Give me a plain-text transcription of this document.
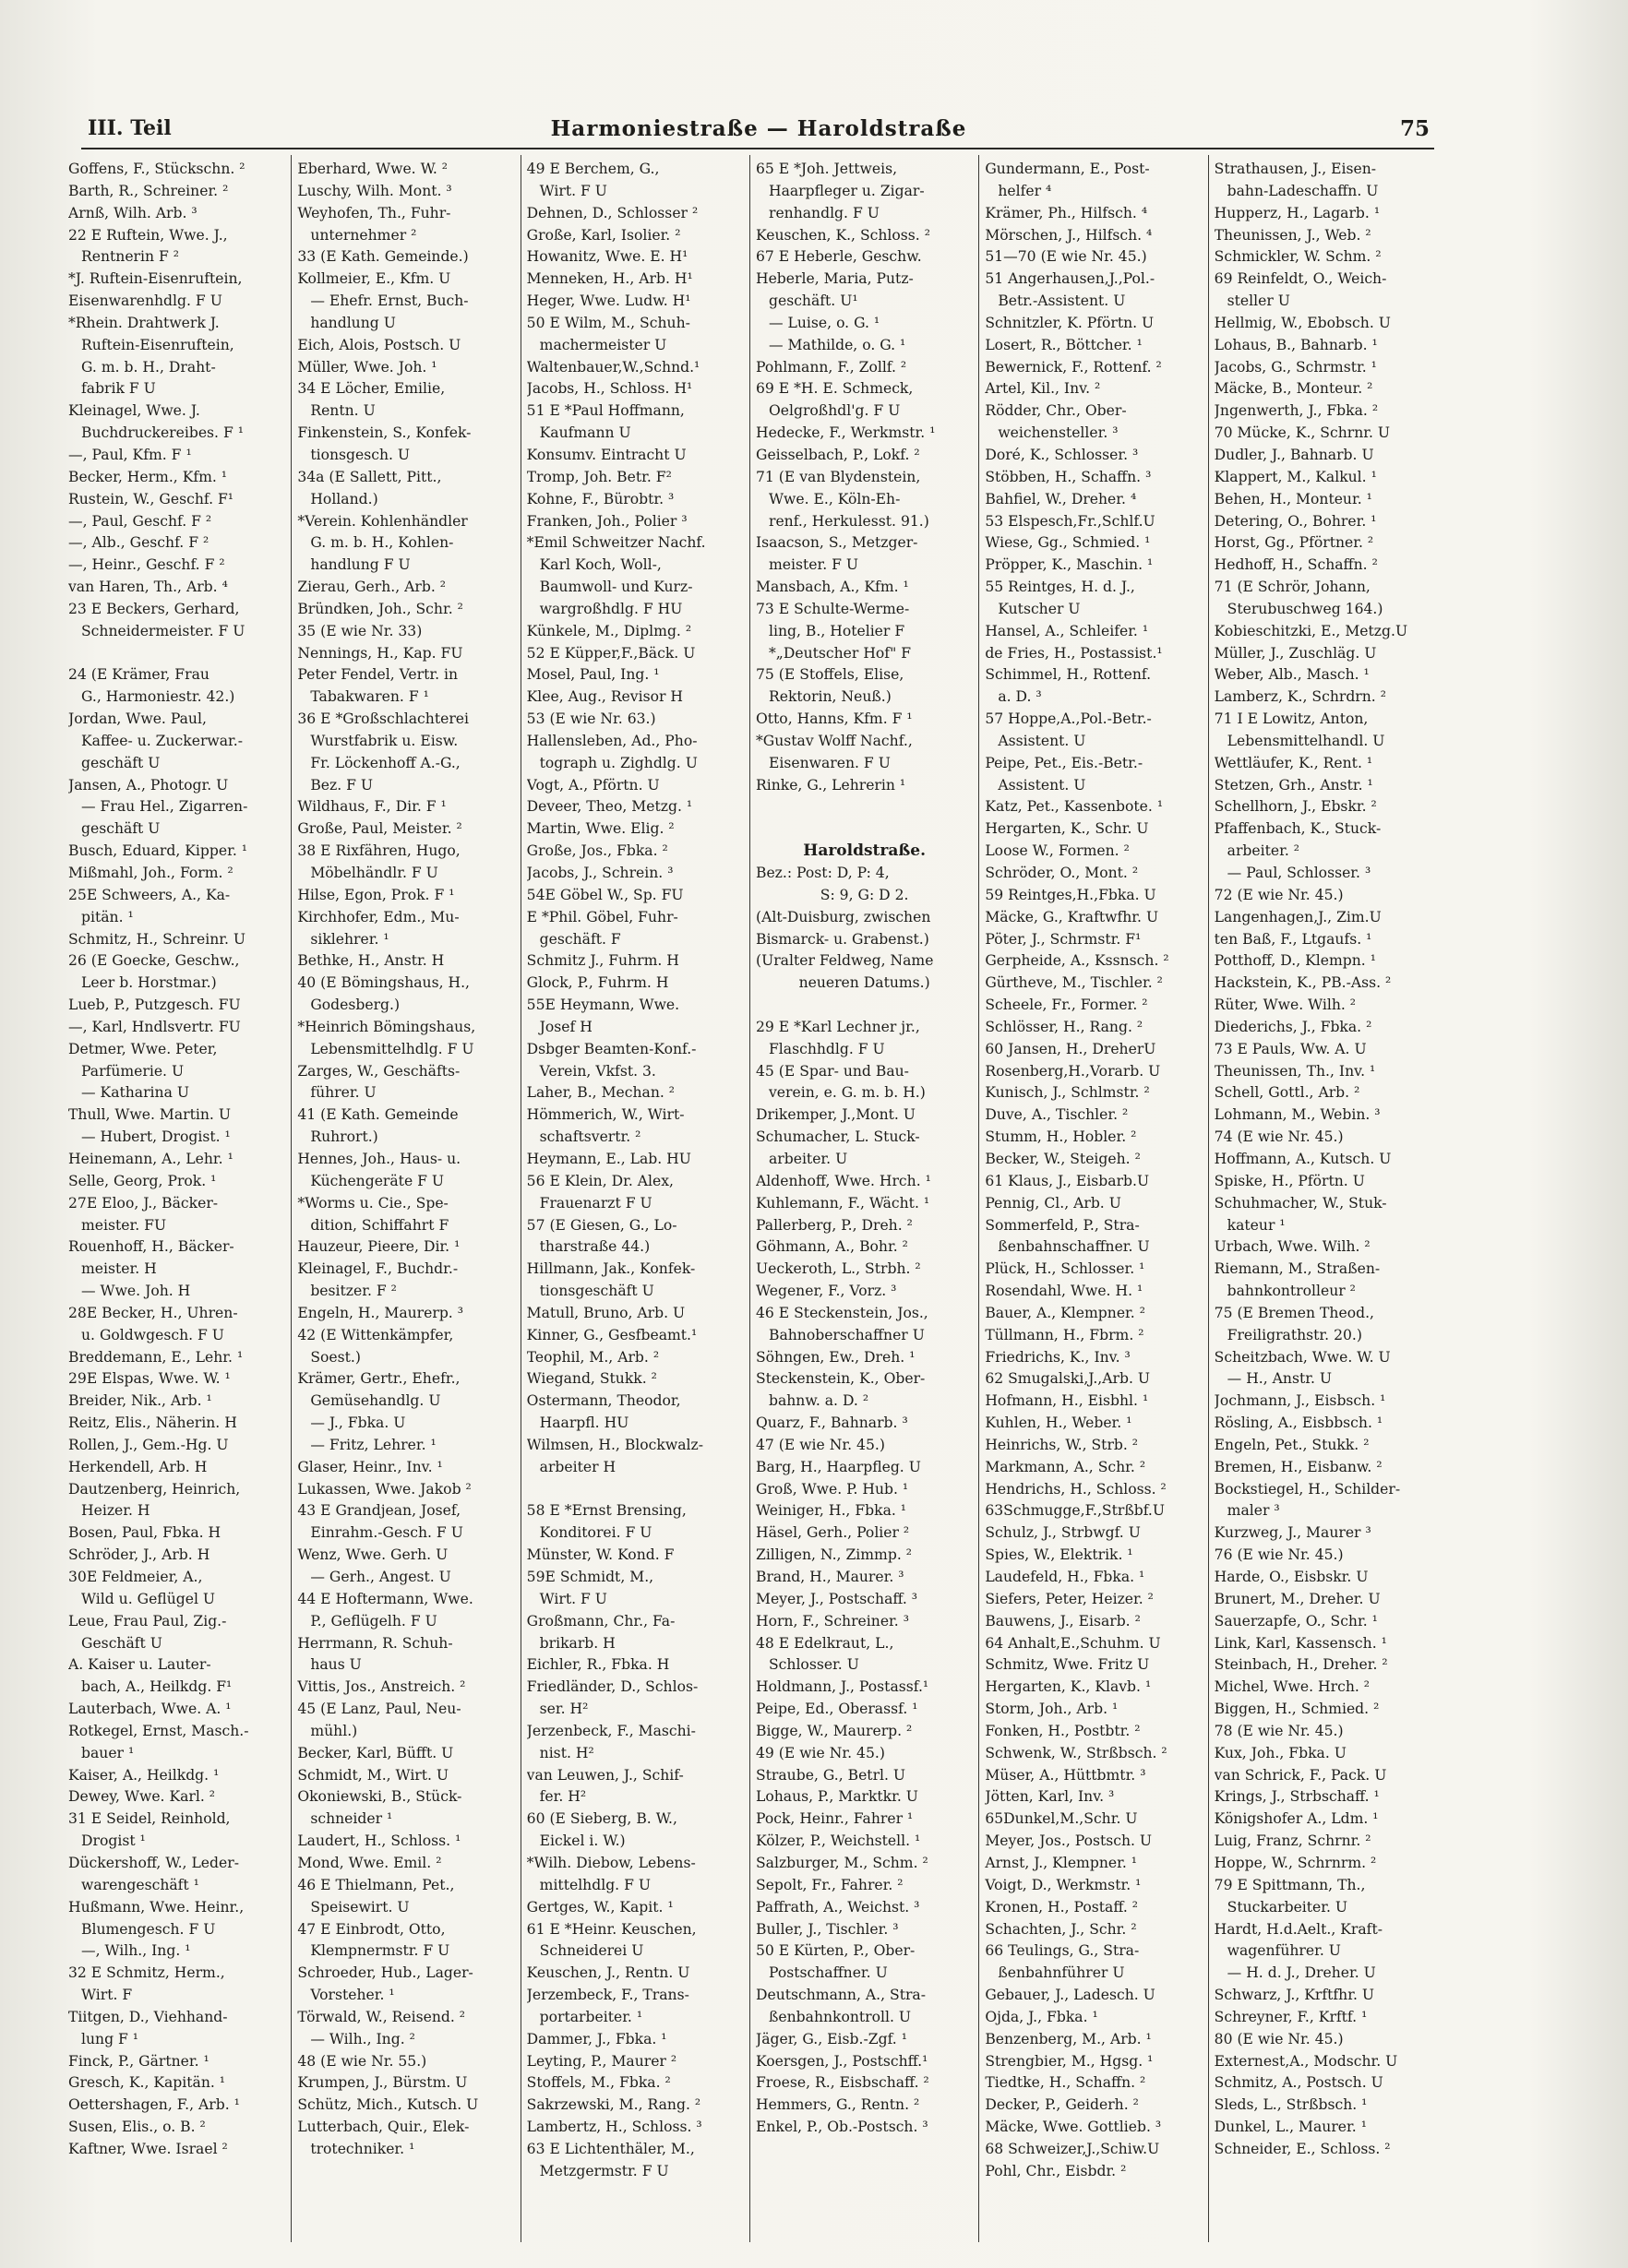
III. Teil	Harmoniestraße — Haroldstraße	75
Goffens, F., Stückschn. ²
Barth, R., Schreiner. ²
Arnß, Wilh. Arb. ³
22 E Ruftein, Wwe. J.,
Rentnerin F ²
*J. Ruftein-Eisenruftein,
Eisenwarenhdlg. F U
*Rhein. Drahtwerk J.
Ruftein-Eisenruftein,
G. m. b. H., Draht-
fabrik F U
Kleinagel, Wwe. J.
Buchdruckereibes. F ¹
—, Paul, Kfm. F ¹
Becker, Herm., Kfm. ¹
Rustein, W., Geschf. F¹
—, Paul, Geschf. F ²
—, Alb., Geschf. F ²
—, Heinr., Geschf. F ²
van Haren, Th., Arb. ⁴
23 E Beckers, Gerhard,
Schneidermeister. F U
24 (E Krämer, Frau
G., Harmoniestr. 42.)
Jordan, Wwe. Paul,
Kaffee- u. Zuckerwar.-
geschäft U
Jansen, A., Photogr. U
— Frau Hel., Zigarren-
geschäft U
Busch, Eduard, Kipper. ¹
Mißmahl, Joh., Form. ²
25E Schweers, A., Ka-
pitän. ¹
Schmitz, H., Schreinr. U
26 (E Goecke, Geschw.,
Leer b. Horstmar.)
Lueb, P., Putzgesch. FU
—, Karl, Hndlsvertr. FU
Detmer, Wwe. Peter,
Parfümerie. U
— Katharina U
Thull, Wwe. Martin. U
— Hubert, Drogist. ¹
Heinemann, A., Lehr. ¹
Selle, Georg, Prok. ¹
27E Eloo, J., Bäcker-
meister. FU
Rouenhoff, H., Bäcker-
meister. H
— Wwe. Joh. H
28E Becker, H., Uhren-
u. Goldwgesch. F U
Breddemann, E., Lehr. ¹
29E Elspas, Wwe. W. ¹
Breider, Nik., Arb. ¹
Reitz, Elis., Näherin. H
Rollen, J., Gem.-Hg. U
Herkendell, Arb. H
Dautzenberg, Heinrich,
Heizer. H
Bosen, Paul, Fbka. H
Schröder, J., Arb. H
30E Feldmeier, A.,
Wild u. Geflügel U
Leue, Frau Paul, Zig.-
Geschäft U
A. Kaiser u. Lauter-
bach, A., Heilkdg. F¹
Lauterbach, Wwe. A. ¹
Rotkegel, Ernst, Masch.-
bauer ¹
Kaiser, A., Heilkdg. ¹
Dewey, Wwe. Karl. ²
31 E Seidel, Reinhold,
Drogist ¹
Dückershoff, W., Leder-
warengeschäft ¹
Hußmann, Wwe. Heinr.,
Blumengesch. F U
—, Wilh., Ing. ¹
32 E Schmitz, Herm.,
Wirt. F
Tiitgen, D., Viehhand-
lung F ¹
Finck, P., Gärtner. ¹
Gresch, K., Kapitän. ¹
Oettershagen, F., Arb. ¹
Susen, Elis., o. B. ²
Kaftner, Wwe. Israel ²
Eberhard, Wwe. W. ²
Luschy, Wilh. Mont. ³
Weyhofen, Th., Fuhr-
unternehmer ²
33 (E Kath. Gemeinde.)
Kollmeier, E., Kfm. U
— Ehefr. Ernst, Buch-
handlung U
Eich, Alois, Postsch. U
Müller, Wwe. Joh. ¹
34 E Löcher, Emilie,
Rentn. U
Finkenstein, S., Konfek-
tionsgesch. U
34a (E Sallett, Pitt.,
Holland.)
*Verein. Kohlenhändler
G. m. b. H., Kohlen-
handlung F U
Zierau, Gerh., Arb. ²
Bründken, Joh., Schr. ²
35 (E wie Nr. 33)
Nennings, H., Kap. FU
Peter Fendel, Vertr. in
Tabakwaren. F ¹
36 E *Großschlachterei
Wurstfabrik u. Eisw.
Fr. Löckenhoff A.-G.,
Bez. F U
Wildhaus, F., Dir. F ¹
Große, Paul, Meister. ²
38 E Rixfähren, Hugo,
Möbelhändlr. F U
Hilse, Egon, Prok. F ¹
Kirchhofer, Edm., Mu-
siklehrer. ¹
Bethke, H., Anstr. H
40 (E Bömingshaus, H.,
Godesberg.)
*Heinrich Bömingshaus,
Lebensmittelhdlg. F U
Zarges, W., Geschäfts-
führer. U
41 (E Kath. Gemeinde
Ruhrort.)
Hennes, Joh., Haus- u.
Küchengeräte F U
*Worms u. Cie., Spe-
dition, Schiffahrt F
Hauzeur, Pieere, Dir. ¹
Kleinagel, F., Buchdr.-
besitzer. F ²
Engeln, H., Maurerp. ³
42 (E Wittenkämpfer,
Soest.)
Krämer, Gertr., Ehefr.,
Gemüsehandlg. U
— J., Fbka. U
— Fritz, Lehrer. ¹
Glaser, Heinr., Inv. ¹
Lukassen, Wwe. Jakob ²
43 E Grandjean, Josef,
Einrahm.-Gesch. F U
Wenz, Wwe. Gerh. U
— Gerh., Angest. U
44 E Hoftermann, Wwe.
P., Geflügelh. F U
Herrmann, R. Schuh-
haus U
Vittis, Jos., Anstreich. ²
45 (E Lanz, Paul, Neu-
mühl.)
Becker, Karl, Büfft. U
Schmidt, M., Wirt. U
Okoniewski, B., Stück-
schneider ¹
Laudert, H., Schloss. ¹
Mond, Wwe. Emil. ²
46 E Thielmann, Pet.,
Speisewirt. U
47 E Einbrodt, Otto,
Klempnermstr. F U
Schroeder, Hub., Lager-
Vorsteher. ¹
Törwald, W., Reisend. ²
— Wilh., Ing. ²
48 (E wie Nr. 55.)
Krumpen, J., Bürstm. U
Schütz, Mich., Kutsch. U
Lutterbach, Quir., Elek-
trotechniker. ¹
49 E Berchem, G.,
Wirt. F U
Dehnen, D., Schlosser ²
Große, Karl, Isolier. ²
Howanitz, Wwe. E. H¹
Menneken, H., Arb. H¹
Heger, Wwe. Ludw. H¹
50 E Wilm, M., Schuh-
machermeister U
Waltenbauer,W.,Schnd.¹
Jacobs, H., Schloss. H¹
51 E *Paul Hoffmann,
Kaufmann U
Konsumv. Eintracht U
Tromp, Joh. Betr. F²
Kohne, F., Bürobtr. ³
Franken, Joh., Polier ³
*Emil Schweitzer Nachf.
Karl Koch, Woll-,
Baumwoll- und Kurz-
wargroßhdlg. F HU
Künkele, M., Diplmg. ²
52 E Küpper,F.,Bäck. U
Mosel, Paul, Ing. ¹
Klee, Aug., Revisor H
53 (E wie Nr. 63.)
Hallensleben, Ad., Pho-
tograph u. Zighdlg. U
Vogt, A., Pförtn. U
Deveer, Theo, Metzg. ¹
Martin, Wwe. Elig. ²
Große, Jos., Fbka. ²
Jacobs, J., Schrein. ³
54E Göbel W., Sp. FU
E *Phil. Göbel, Fuhr-
geschäft. F
Schmitz J., Fuhrm. H
Glock, P., Fuhrm. H
55E Heymann, Wwe.
Josef H
Dsbger Beamten-Konf.-
Verein, Vkfst. 3.
Laher, B., Mechan. ²
Hömmerich, W., Wirt-
schaftsvertr. ²
Heymann, E., Lab. HU
56 E Klein, Dr. Alex,
Frauenarzt F U
57 (E Giesen, G., Lo-
tharstraße 44.)
Hillmann, Jak., Konfek-
tionsgeschäft U
Matull, Bruno, Arb. U
Kinner, G., Gesfbeamt.¹
Teophil, M., Arb. ²
Wiegand, Stukk. ²
Ostermann, Theodor,
Haarpfl. HU
Wilmsen, H., Blockwalz-
arbeiter H
58 E *Ernst Brensing,
Konditorei. F U
Münster, W. Kond. F
59E Schmidt, M.,
Wirt. F U
Großmann, Chr., Fa-
brikarb. H
Eichler, R., Fbka. H
Friedländer, D., Schlos-
ser. H²
Jerzenbeck, F., Maschi-
nist. H²
van Leuwen, J., Schif-
fer. H²
60 (E Sieberg, B. W.,
Eickel i. W.)
*Wilh. Diebow, Lebens-
mittelhdlg. F U
Gertges, W., Kapit. ¹
61 E *Heinr. Keuschen,
Schneiderei U
Keuschen, J., Rentn. U
Jerzembeck, F., Trans-
portarbeiter. ¹
Dammer, J., Fbka. ¹
Leyting, P., Maurer ²
Stoffels, M., Fbka. ²
Sakrzewski, M., Rang. ²
Lambertz, H., Schloss. ³
63 E Lichtenthäler, M.,
Metzgermstr. F U
65 E *Joh. Jettweis,
Haarpfleger u. Zigar-
renhandlg. F U
Keuschen, K., Schloss. ²
67 E Heberle, Geschw.
Heberle, Maria, Putz-
geschäft. U¹
— Luise, o. G. ¹
— Mathilde, o. G. ¹
Pohlmann, F., Zollf. ²
69 E *H. E. Schmeck,
Oelgroßhdl'g. F U
Hedecke, F., Werkmstr. ¹
Geisselbach, P., Lokf. ²
71 (E van Blydenstein,
Wwe. E., Köln-Eh-
renf., Herkulesst. 91.)
Isaacson, S., Metzger-
meister. F U
Mansbach, A., Kfm. ¹
73 E Schulte-Werme-
ling, B., Hotelier F
*„Deutscher Hof" F
75 (E Stoffels, Elise,
Rektorin, Neuß.)
Otto, Hanns, Kfm. F ¹
*Gustav Wolff Nachf.,
Eisenwaren. F U
Rinke, G., Lehrerin ¹
Haroldstraße.
Bez.: Post: D, P: 4,
S: 9, G: D 2.
(Alt-Duisburg, zwischen
Bismarck- u. Grabenst.)
(Uralter Feldweg, Name
neueren Datums.)
29 E *Karl Lechner jr.,
Flaschhdlg. F U
45 (E Spar- und Bau-
verein, e. G. m. b. H.)
Drikemper, J.,Mont. U
Schumacher, L. Stuck-
arbeiter. U
Aldenhoff, Wwe. Hrch. ¹
Kuhlemann, F., Wächt. ¹
Pallerberg, P., Dreh. ²
Göhmann, A., Bohr. ²
Ueckeroth, L., Strbh. ²
Wegener, F., Vorz. ³
46 E Steckenstein, Jos.,
Bahnoberschaffner U
Söhngen, Ew., Dreh. ¹
Steckenstein, K., Ober-
bahnw. a. D. ²
Quarz, F., Bahnarb. ³
47 (E wie Nr. 45.)
Barg, H., Haarpfleg. U
Groß, Wwe. P. Hub. ¹
Weiniger, H., Fbka. ¹
Häsel, Gerh., Polier ²
Zilligen, N., Zimmp. ²
Brand, H., Maurer. ³
Meyer, J., Postschaff. ³
Horn, F., Schreiner. ³
48 E Edelkraut, L.,
Schlosser. U
Holdmann, J., Postassf.¹
Peipe, Ed., Oberassf. ¹
Bigge, W., Maurerp. ²
49 (E wie Nr. 45.)
Straube, G., Betrl. U
Lohaus, P., Marktkr. U
Pock, Heinr., Fahrer ¹
Kölzer, P., Weichstell. ¹
Salzburger, M., Schm. ²
Sepolt, Fr., Fahrer. ²
Paffrath, A., Weichst. ³
Buller, J., Tischler. ³
50 E Kürten, P., Ober-
Postschaffner. U
Deutschmann, A., Stra-
ßenbahnkontroll. U
Jäger, G., Eisb.-Zgf. ¹
Koersgen, J., Postschff.¹
Froese, R., Eisbschaff. ²
Hemmers, G., Rentn. ²
Enkel, P., Ob.-Postsch. ³
Gundermann, E., Post-
helfer ⁴
Krämer, Ph., Hilfsch. ⁴
Mörschen, J., Hilfsch. ⁴
51—70 (E wie Nr. 45.)
51 Angerhausen,J.,Pol.-
Betr.-Assistent. U
Schnitzler, K. Pförtn. U
Losert, R., Böttcher. ¹
Bewernick, F., Rottenf. ²
Artel, Kil., Inv. ²
Rödder, Chr., Ober-
weichensteller. ³
Doré, K., Schlosser. ³
Stöbben, H., Schaffn. ³
Bahfiel, W., Dreher. ⁴
53 Elspesch,Fr.,Schlf.U
Wiese, Gg., Schmied. ¹
Pröpper, K., Maschin. ¹
55 Reintges, H. d. J.,
Kutscher U
Hansel, A., Schleifer. ¹
de Fries, H., Postassist.¹
Schimmel, H., Rottenf.
a. D. ³
57 Hoppe,A.,Pol.-Betr.-
Assistent. U
Peipe, Pet., Eis.-Betr.-
Assistent. U
Katz, Pet., Kassenbote. ¹
Hergarten, K., Schr. U
Loose W., Formen. ²
Schröder, O., Mont. ²
59 Reintges,H.,Fbka. U
Mäcke, G., Kraftwfhr. U
Pöter, J., Schrmstr. F¹
Gerpheide, A., Kssnsch. ²
Gürtheve, M., Tischler. ²
Scheele, Fr., Former. ²
Schlösser, H., Rang. ²
60 Jansen, H., DreherU
Rosenberg,H.,Vorarb. U
Kunisch, J., Schlmstr. ²
Duve, A., Tischler. ²
Stumm, H., Hobler. ²
Becker, W., Steigeh. ²
61 Klaus, J., Eisbarb.U
Pennig, Cl., Arb. U
Sommerfeld, P., Stra-
ßenbahnschaffner. U
Plück, H., Schlosser. ¹
Rosendahl, Wwe. H. ¹
Bauer, A., Klempner. ²
Tüllmann, H., Fbrm. ²
Friedrichs, K., Inv. ³
62 Smugalski,J.,Arb. U
Hofmann, H., Eisbhl. ¹
Kuhlen, H., Weber. ¹
Heinrichs, W., Strb. ²
Markmann, A., Schr. ²
Hendrichs, H., Schloss. ²
63Schmugge,F.,Strßbf.U
Schulz, J., Strbwgf. U
Spies, W., Elektrik. ¹
Laudefeld, H., Fbka. ¹
Siefers, Peter, Heizer. ²
Bauwens, J., Eisarb. ²
64 Anhalt,E.,Schuhm. U
Schmitz, Wwe. Fritz U
Hergarten, K., Klavb. ¹
Storm, Joh., Arb. ¹
Fonken, H., Postbtr. ²
Schwenk, W., Strßbsch. ²
Müser, A., Hüttbmtr. ³
Jötten, Karl, Inv. ³
65Dunkel,M.,Schr. U
Meyer, Jos., Postsch. U
Arnst, J., Klempner. ¹
Voigt, D., Werkmstr. ¹
Kronen, H., Postaff. ²
Schachten, J., Schr. ²
66 Teulings, G., Stra-
ßenbahnführer U
Gebauer, J., Ladesch. U
Ojda, J., Fbka. ¹
Benzenberg, M., Arb. ¹
Strengbier, M., Hgsg. ¹
Tiedtke, H., Schaffn. ²
Decker, P., Geiderh. ²
Mäcke, Wwe. Gottlieb. ³
68 Schweizer,J.,Schiw.U
Pohl, Chr., Eisbdr. ²
Strathausen, J., Eisen-
bahn-Ladeschaffn. U
Hupperz, H., Lagarb. ¹
Theunissen, J., Web. ²
Schmickler, W. Schm. ²
69 Reinfeldt, O., Weich-
steller U
Hellmig, W., Ebobsch. U
Lohaus, B., Bahnarb. ¹
Jacobs, G., Schrmstr. ¹
Mäcke, B., Monteur. ²
Jngenwerth, J., Fbka. ²
70 Mücke, K., Schrnr. U
Dudler, J., Bahnarb. U
Klappert, M., Kalkul. ¹
Behen, H., Monteur. ¹
Detering, O., Bohrer. ¹
Horst, Gg., Pförtner. ²
Hedhoff, H., Schaffn. ²
71 (E Schrör, Johann,
Sterubuschweg 164.)
Kobieschitzki, E., Metzg.U
Müller, J., Zuschläg. U
Weber, Alb., Masch. ¹
Lamberz, K., Schrdrn. ²
71 I E Lowitz, Anton,
Lebensmittelhandl. U
Wettläufer, K., Rent. ¹
Stetzen, Grh., Anstr. ¹
Schellhorn, J., Ebskr. ²
Pfaffenbach, K., Stuck-
arbeiter. ²
— Paul, Schlosser. ³
72 (E wie Nr. 45.)
Langenhagen,J., Zim.U
ten Baß, F., Ltgaufs. ¹
Potthoff, D., Klempn. ¹
Hackstein, K., PB.-Ass. ²
Rüter, Wwe. Wilh. ²
Diederichs, J., Fbka. ²
73 E Pauls, Ww. A. U
Theunissen, Th., Inv. ¹
Schell, Gottl., Arb. ²
Lohmann, M., Webin. ³
74 (E wie Nr. 45.)
Hoffmann, A., Kutsch. U
Spiske, H., Pförtn. U
Schuhmacher, W., Stuk-
kateur ¹
Urbach, Wwe. Wilh. ²
Riemann, M., Straßen-
bahnkontrolleur ²
75 (E Bremen Theod.,
Freiligrathstr. 20.)
Scheitzbach, Wwe. W. U
— H., Anstr. U
Jochmann, J., Eisbsch. ¹
Rösling, A., Eisbbsch. ¹
Engeln, Pet., Stukk. ²
Bremen, H., Eisbanw. ²
Bockstiegel, H., Schilder-
maler ³
Kurzweg, J., Maurer ³
76 (E wie Nr. 45.)
Harde, O., Eisbskr. U
Brunert, M., Dreher. U
Sauerzapfe, O., Schr. ¹
Link, Karl, Kassensch. ¹
Steinbach, H., Dreher. ²
Michel, Wwe. Hrch. ²
Biggen, H., Schmied. ²
78 (E wie Nr. 45.)
Kux, Joh., Fbka. U
van Schrick, F., Pack. U
Krings, J., Strbschaff. ¹
Königshofer A., Ldm. ¹
Luig, Franz, Schrnr. ²
Hoppe, W., Schrnrm. ²
79 E Spittmann, Th.,
Stuckarbeiter. U
Hardt, H.d.Aelt., Kraft-
wagenführer. U
— H. d. J., Dreher. U
Schwarz, J., Krftfhr. U
Schreyner, F., Krftf. ¹
80 (E wie Nr. 45.)
Externest,A., Modschr. U
Schmitz, A., Postsch. U
Sleds, L., Strßbsch. ¹
Dunkel, L., Maurer. ¹
Schneider, E., Schloss. ²
